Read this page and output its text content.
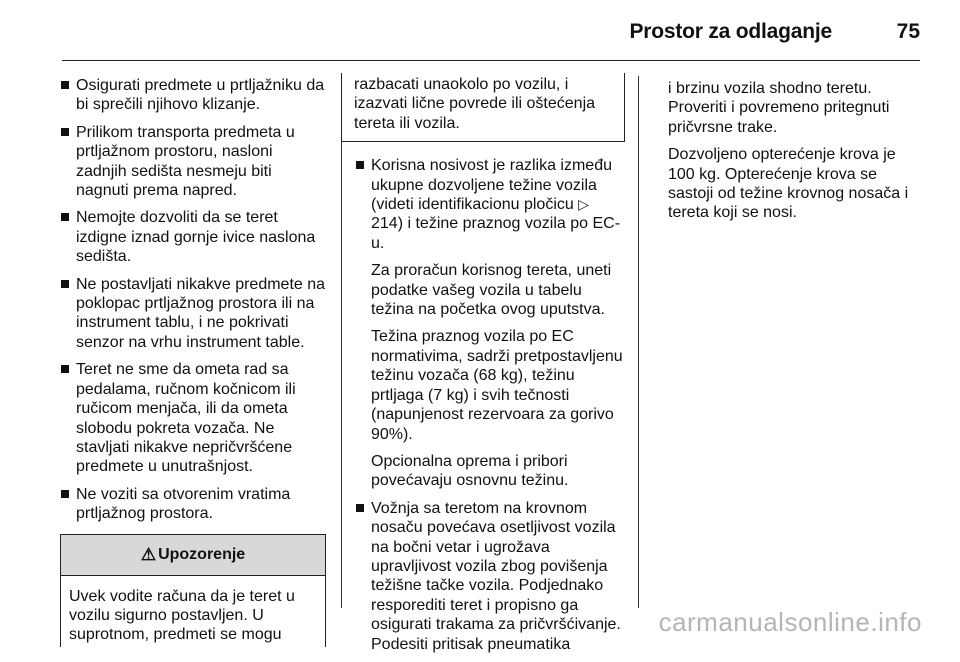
Prostor za odlaganje	75
Osigurati predmete u prtljažniku da bi sprečili njihovo klizanje.
Prilikom transporta predmeta u prtljažnom prostoru, nasloni zadnjih sedišta nesmeju biti nagnuti prema napred.
Nemojte dozvoliti da se teret izdigne iznad gornje ivice naslona sedišta.
Ne postavljati nikakve predmete na poklopac prtljažnog prostora ili na instrument tablu, i ne pokrivati senzor na vrhu instrument table.
Teret ne sme da ometa rad sa pedalama, ručnom kočnicom ili ručicom menjača, ili da ometa slobodu pokreta vozača. Ne stavljati nikakve nepričvršćene predmete u unutrašnjost.
Ne voziti sa otvorenim vratima prtljažnog prostora.
⚠ Upozorenje
Uvek vodite računa da je teret u vozilu sigurno postavljen. U suprotnom, predmeti se mogu
razbacati unaokolo po vozilu, i izazvati lične povrede ili oštećenja tereta ili vozila.

Korisna nosivost je razlika između ukupne dozvoljene težine vozila (videti identifikacionu pločicu ▷ 214) i težine praznog vozila po EC-u.

Za proračun korisnog tereta, uneti podatke vašeg vozila u tabelu težina na početka ovog uputstva.

Težina praznog vozila po EC normativima, sadrži pretpostavljenu težinu vozača (68 kg), težinu prtljaga (7 kg) i svih tečnosti (napunjenost rezervoara za gorivo 90%).

Opcionalna oprema i pribori povećavaju osnovnu težinu.

Vožnja sa teretom na krovnom nosaču povećava osetljivost vozila na bočni vetar i ugrožava upravljivost vozila zbog povišenja težišne tačke vozila. Podjednako resporediti teret i propisno ga osigurati trakama za pričvršćivanje. Podesiti pritisak pneumatika

i brzinu vozila shodno teretu. Proveriti i povremeno pritegnuti pričvrsne trake.

Dozvoljeno opterećenje krova je 100 kg. Opterećenje krova se sastoji od težine krovnog nosača i tereta koji se nosi.

carmanualsonline.info
